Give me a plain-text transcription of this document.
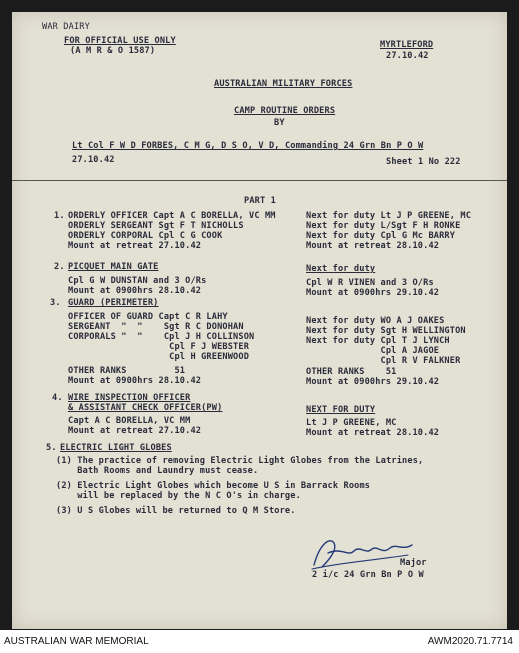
WAR DAIRY
FOR OFFICIAL USE ONLY
(A M R & O 1587)
MYRTLEFORD
27.10.42
AUSTRALIAN MILITARY FORCES
CAMP ROUTINE ORDERS
BY
Lt Col F W D FORBES, C M G, D S O, V D, Commanding 24 Grn Bn P O W
27.10.42	Sheet 1 No 222
PART 1
1. ORDERLY OFFICER Capt A C BORELLA, VC MM
ORDERLY SERGEANT Sgt F T NICHOLLS
ORDERLY CORPORAL Cpl C G COOK
Mount at retreat 27.10.42
Next for duty Lt J P GREENE, MC
Next for duty L/Sgt F H RONKE
Next for duty Cpl G Mc BARRY
Mount at retreat 28.10.42
2. PICQUET MAIN GATE
Cpl G W DUNSTAN and 3 O/Rs
Mount at 0900hrs 28.10.42
Next for duty
Cpl W R VINEN and 3 O/Rs
Mount at 0900hrs 29.10.42
3. GUARD (PERIMETER)
OFFICER OF GUARD Capt C R LAHY
SERGEANT  "  "    Sgt R C DONOHAN
CORPORALS "  "    Cpl J H COLLINSON
Cpl F J WEBSTER
Cpl H GREENWOOD
OTHER RANKS         51
Mount at 0900hrs 28.10.42
Next for duty WO A J OAKES
Next for duty Sgt H WELLINGTON
Next for duty Cpl T J LYNCH
Cpl A JAGOE
Cpl R V FALKNER
OTHER RANKS    51
Mount at 0900hrs 29.10.42
4. WIRE INSPECTION OFFICER
& ASSISTANT CHECK OFFICER(PW)
Capt A C BORELLA, VC MM
Mount at retreat 27.10.42
NEXT FOR DUTY
Lt J P GREENE, MC
Mount at retreat 28.10.42
5. ELECTRIC LIGHT GLOBES
(1) The practice of removing Electric Light Globes from the Latrines,
Bath Rooms and Laundry must cease.
(2) Electric Light Globes which become U S in Barrack Rooms
will be replaced by the N C O's in charge.
(3) U S Globes will be returned to Q M Store.
Major
2 i/c 24 Grn Bn P O W
AUSTRALIAN WAR MEMORIAL	AWM2020.71.7714
